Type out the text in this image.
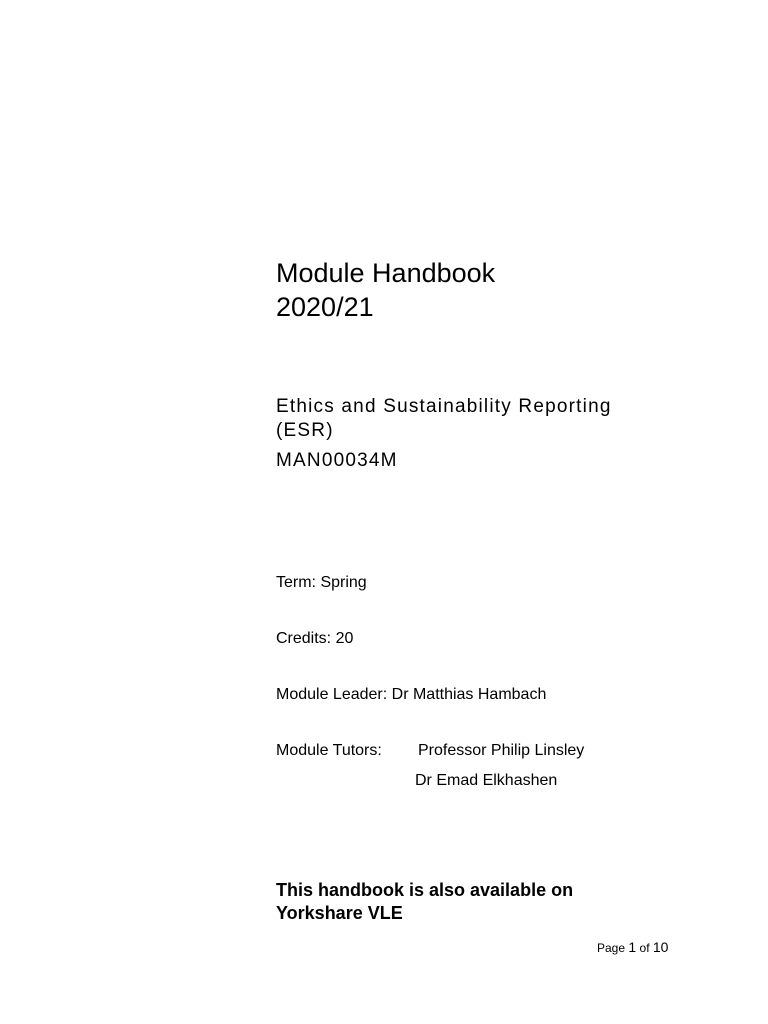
Module Handbook
2020/21
Ethics and Sustainability Reporting
(ESR)
MAN00034M
Term: Spring
Credits: 20
Module Leader: Dr Matthias Hambach
Module Tutors: Professor Philip Linsley
Dr Emad Elkhashen
This handbook is also available on
Yorkshare VLE
Page 1 of 10
